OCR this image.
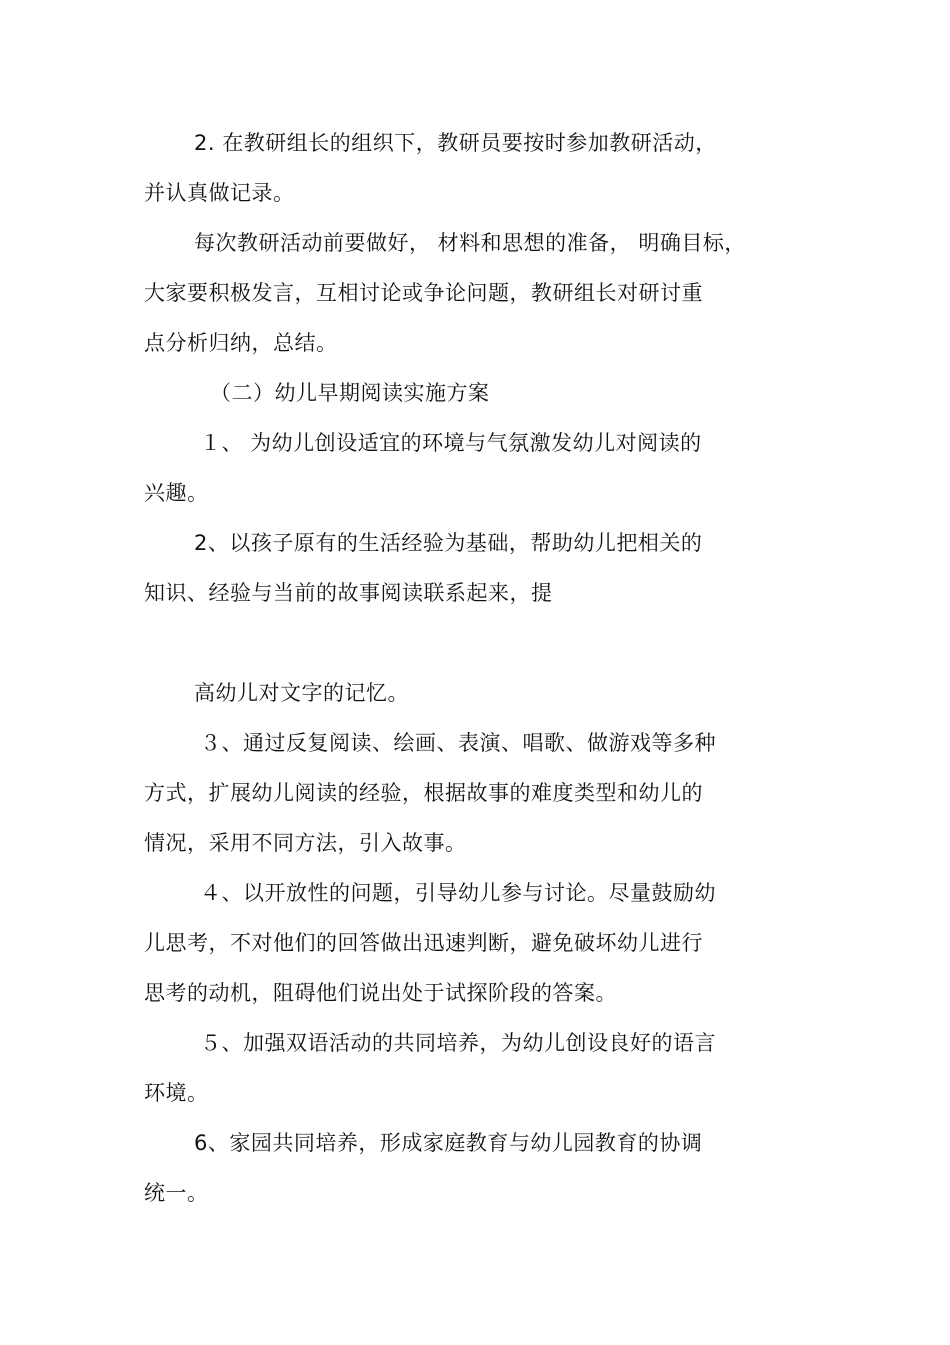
2. 在教研组长的组织下，教研员要按时参加教研活动，
并认真做记录。
每次教研活动前要做好， 材料和思想的准备， 明确目标，
大家要积极发言，互相讨论或争论问题，教研组长对研讨重
点分析归纳，总结。
（二）幼儿早期阅读实施方案
１、 为幼儿创设适宜的环境与气氛激发幼儿对阅读的
兴趣。
2、以孩子原有的生活经验为基础，帮助幼儿把相关的
知识、经验与当前的故事阅读联系起来，提
高幼儿对文字的记忆。
３、通过反复阅读、绘画、表演、唱歌、做游戏等多种
方式，扩展幼儿阅读的经验，根据故事的难度类型和幼儿的
情况，采用不同方法，引入故事。
４、以开放性的问题，引导幼儿参与讨论。尽量鼓励幼
儿思考，不对他们的回答做出迅速判断，避免破坏幼儿进行
思考的动机，阻碍他们说出处于试探阶段的答案。
５、加强双语活动的共同培养，为幼儿创设良好的语言
环境。
6、家园共同培养，形成家庭教育与幼儿园教育的协调
统一。
